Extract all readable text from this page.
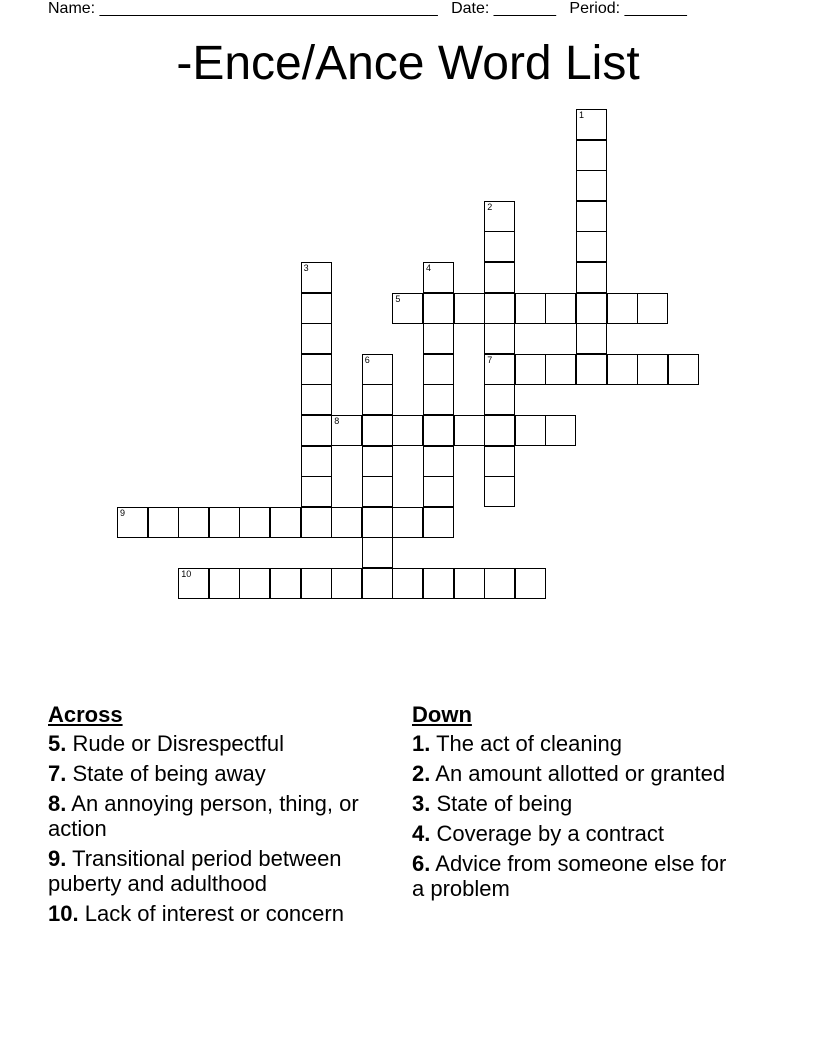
Name: ______________________________________ Date: _______ Period: _______
-Ence/Ance Word List
1
2
7
3	4
5
6
8
9
10
Across
5. Rude or Disrespectful
7. State of being away
8. An annoying person, thing, or action
9. Transitional period between puberty and adulthood
10. Lack of interest or concern
Down
1. The act of cleaning
2. An amount allotted or granted
3. State of being
4. Coverage by a contract
6. Advice from someone else for a problem
